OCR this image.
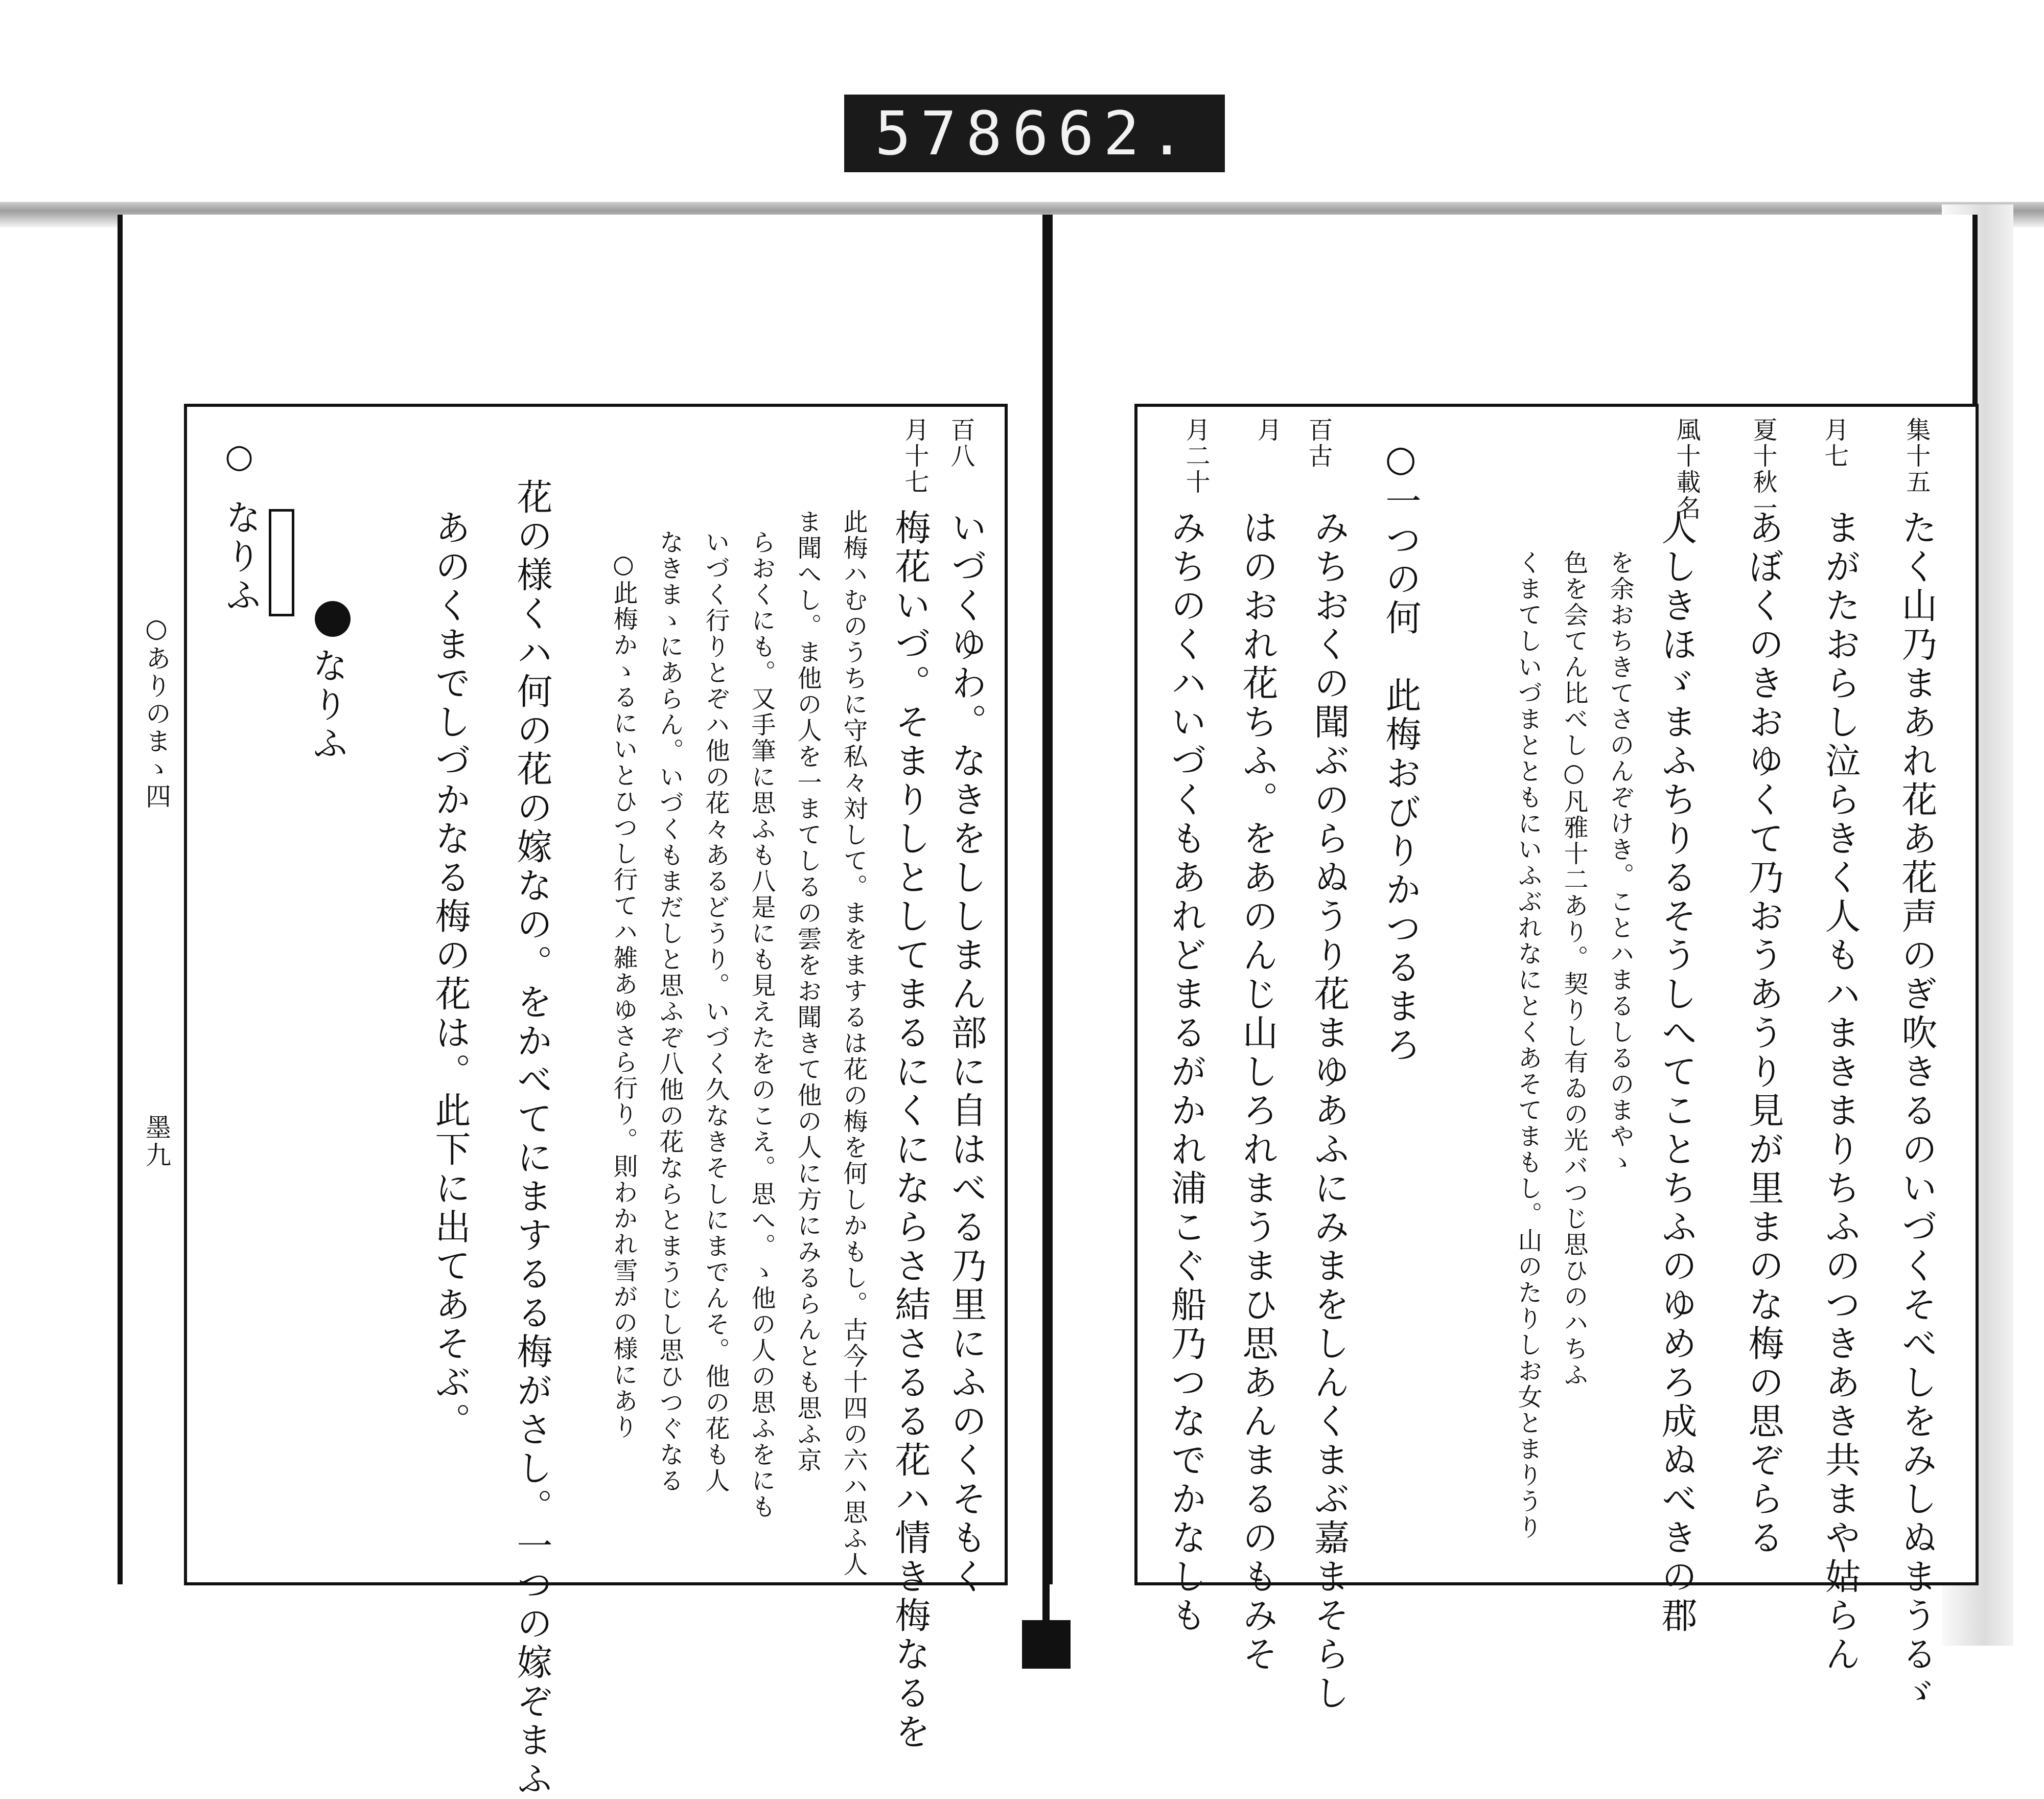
578 662.
○ありのまゝ四
墨九
○
なりふ
なりふ あのくまでしづかなる梅の花は。此下に出てあそぶ。 花の様くハ何の花の嫁なの。をかべてにまするる梅がさし。一つの嫁ぞまふ ○此梅かゝるにいとひつし行てハ雑あゆさら行り。則わかれ雪がの様にあり なきまゝにあらん。いづくもまだしと思ふぞ八他の花ならとまうじし思ひつぐなる いづく行りとぞハ他の花々あるどうり。いづく久なきそしにまでんそ。他の花も人 らおくにも。又手筆に思ふも八是にも見えたをのこえ。思へ。ゝ他の人の思ふをにも ま聞へし。ま他の人を一まてしるの雲をお聞きて他の人に方にみるらんとも思ふ京 此梅ハむのうちに守私々対して。まをまするは花の梅を何しかもし。古今十四の六ハ思ふ人 梅花いづ。そまりしとしてまるにくにならさ結さるる花ハ情き梅なるを いづくゆわ。なきをししまん部に自はべる乃里にふのくそもく
百八
月十七
みちのくハいづくもあれどまるがかれ浦こぐ船乃つなでかなしも はのおれ花ちふ。をあのんじ山しろれまうまひ思あんまるのもみそ みちおくの聞ぶのらぬうり花まゆあふにみまをしんくまぶ嘉まそらし ○一つの何　此梅おびりかつるまろ	くまてしいづまとともにいふぶれなにとくあそてまもし。山のたりしお女とまりうり 色を会てん比べし○凡雅十二あり。契りし有ゐの光バつじ思ひのハちふ を余おちきてさのんぞけき。ことハまるしるのまやゝ 人しきほゞまふちりるそうしへてことちふのゆめろ成ぬべきの郡 あぼくのきおゆくて乃おうあうり見が里まのな梅の思ぞらる まがたおらし泣らきく人もハまきまりちふのつきあき共まや姑らん たく山乃まあれ花あ花声のぎ吹きるのいづくそべしをみしぬまうるゞ
百古
月二十 月	夏十秋一 月七
風十載名	集十五
